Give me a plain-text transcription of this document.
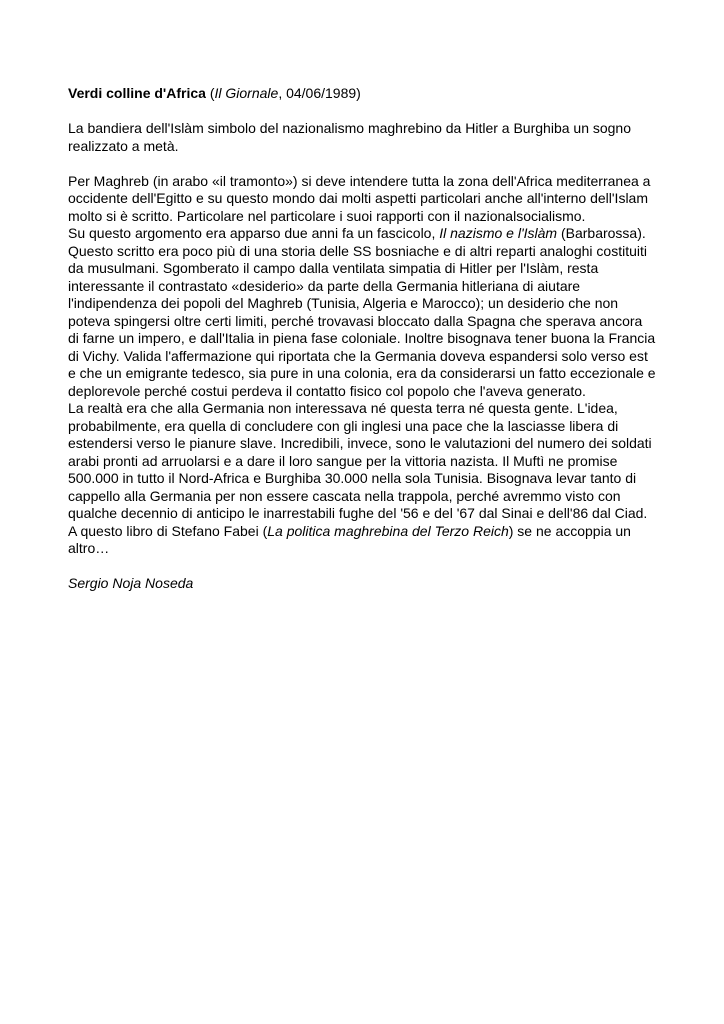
Verdi colline d'Africa (Il Giornale, 04/06/1989)

La bandiera dell'Islàm simbolo del nazionalismo maghrebino da Hitler a Burghiba un sogno realizzato a metà.

Per Maghreb (in arabo «il tramonto») si deve intendere tutta la zona dell'Africa mediterranea a occidente dell'Egitto e su questo mondo dai molti aspetti particolari anche all'interno dell'Islam molto si è scritto. Particolare nel particolare i suoi rapporti con il nazionalsocialismo.

Su questo argomento era apparso due anni fa un fascicolo, Il nazismo e l'Islàm (Barbarossa). Questo scritto era poco più di una storia delle SS bosniache e di altri reparti analoghi costituiti da musulmani. Sgomberato il campo dalla ventilata simpatia di Hitler per l'Islàm, resta interessante il contrastato «desiderio» da parte della Germania hitleriana di aiutare l'indipendenza dei popoli del Maghreb (Tunisia, Algeria e Marocco); un desiderio che non poteva spingersi oltre certi limiti, perché trovavasi bloccato dalla Spagna che sperava ancora di farne un impero, e dall'Italia in piena fase coloniale. Inoltre bisognava tener buona la Francia di Vichy. Valida l'affermazione qui riportata che la Germania doveva espandersi solo verso est e che un emigrante tedesco, sia pure in una colonia, era da considerarsi un fatto eccezionale e deplorevole perché costui perdeva il contatto fisico col popolo che l'aveva generato.

La realtà era che alla Germania non interessava né questa terra né questa gente. L'idea, probabilmente, era quella di concludere con gli inglesi una pace che la lasciasse libera di estendersi verso le pianure slave. Incredibili, invece, sono le valutazioni del numero dei soldati arabi pronti ad arruolarsi e a dare il loro sangue per la vittoria nazista. Il Muftì ne promise 500.000 in tutto il Nord-Africa e Burghiba 30.000 nella sola Tunisia. Bisognava levar tanto di cappello alla Germania per non essere cascata nella trappola, perché avremmo visto con qualche decennio di anticipo le inarrestabili fughe del '56 e del '67 dal Sinai e dell'86 dal Ciad.

A questo libro di Stefano Fabei (La politica maghrebina del Terzo Reich) se ne accoppia un altro…

Sergio Noja Noseda
